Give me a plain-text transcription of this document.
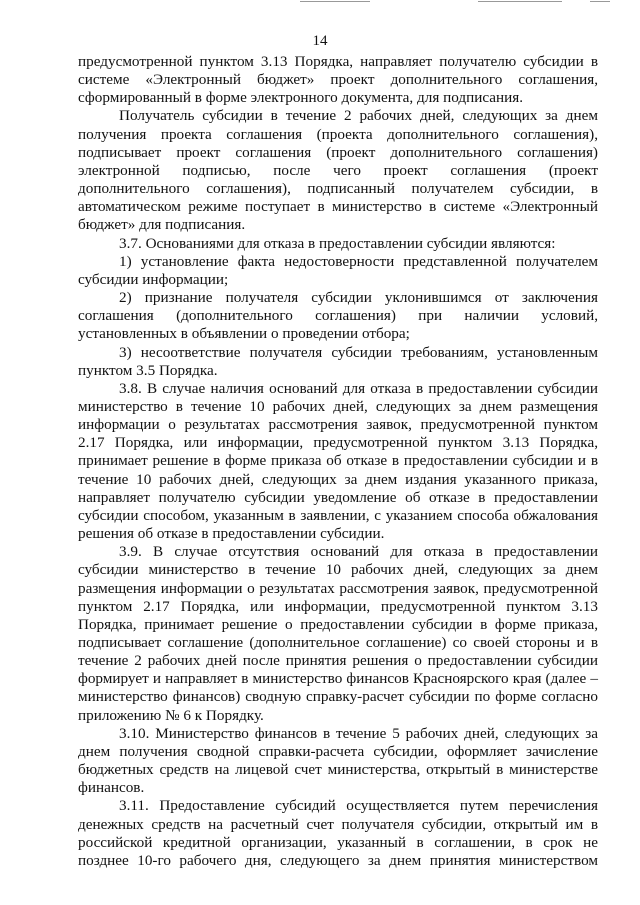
14

предусмотренной пунктом 3.13 Порядка, направляет получателю субсидии в системе «Электронный бюджет» проект дополнительного соглашения, сформированный в форме электронного документа, для подписания.

Получатель субсидии в течение 2 рабочих дней, следующих за днем получения проекта соглашения (проекта дополнительного соглашения), подписывает проект соглашения (проект дополнительного соглашения) электронной подписью, после чего проект соглашения (проект дополнительного соглашения), подписанный получателем субсидии, в автоматическом режиме поступает в министерство в системе «Электронный бюджет» для подписания.

3.7. Основаниями для отказа в предоставлении субсидии являются:

1) установление факта недостоверности представленной получателем субсидии информации;

2) признание получателя субсидии уклонившимся от заключения соглашения (дополнительного соглашения) при наличии условий, установленных в объявлении о проведении отбора;

3) несоответствие получателя субсидии требованиям, установленным пунктом 3.5 Порядка.

3.8. В случае наличия оснований для отказа в предоставлении субсидии министерство в течение 10 рабочих дней, следующих за днем размещения информации о результатах рассмотрения заявок, предусмотренной пунктом 2.17 Порядка, или информации, предусмотренной пунктом 3.13 Порядка, принимает решение в форме приказа об отказе в предоставлении субсидии и в течение 10 рабочих дней, следующих за днем издания указанного приказа, направляет получателю субсидии уведомление об отказе в предоставлении субсидии способом, указанным в заявлении, с указанием способа обжалования решения об отказе в предоставлении субсидии.

3.9. В случае отсутствия оснований для отказа в предоставлении субсидии министерство в течение 10 рабочих дней, следующих за днем размещения информации о результатах рассмотрения заявок, предусмотренной пунктом 2.17 Порядка, или информации, предусмотренной пунктом 3.13 Порядка, принимает решение о предоставлении субсидии в форме приказа, подписывает соглашение (дополнительное соглашение) со своей стороны и в течение 2 рабочих дней после принятия решения о предоставлении субсидии формирует и направляет в министерство финансов Красноярского края (далее – министерство финансов) сводную справку-расчет субсидии по форме согласно приложению № 6 к Порядку.

3.10. Министерство финансов в течение 5 рабочих дней, следующих за днем получения сводной справки-расчета субсидии, оформляет зачисление бюджетных средств на лицевой счет министерства, открытый в министерстве финансов.

3.11. Предоставление субсидий осуществляется путем перечисления денежных средств на расчетный счет получателя субсидии, открытый им в российской кредитной организации, указанный в соглашении, в срок не позднее 10-го рабочего дня, следующего за днем принятия министерством
